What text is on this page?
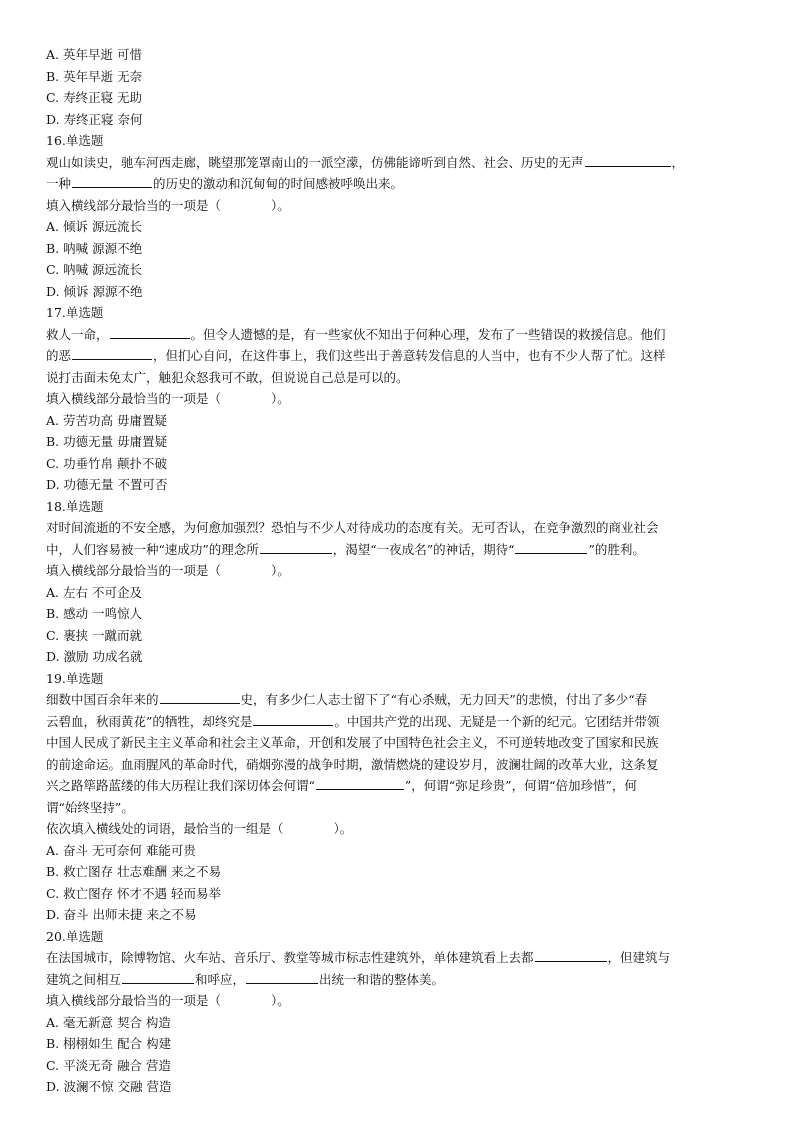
A. 英年早逝 可惜
B. 英年早逝 无奈
C. 寿终正寝 无助
D. 寿终正寝 奈何
16.单选题
观山如读史，驰车河西走廊，眺望那笼罩南山的一派空濛，仿佛能谛听到自然、社会、历史的无声	，
一种	的历史的激动和沉甸甸的时间感被呼唤出来。
填入横线部分最恰当的一项是（　　　　）。
A. 倾诉 源远流长
B. 呐喊 源源不绝
C. 呐喊 源远流长
D. 倾诉 源源不绝
17.单选题
救人一命，	。但令人遗憾的是，有一些家伙不知出于何种心理，发布了一些错误的救援信息。他们
的恶	，但扪心自问，在这件事上，我们这些出于善意转发信息的人当中，也有不少人帮了忙。这样
说打击面未免太广，触犯众怒我可不敢，但说说自己总是可以的。
填入横线部分最恰当的一项是（　　　　）。
A. 劳苦功高 毋庸置疑
B. 功德无量 毋庸置疑
C. 功垂竹帛 颠扑不破
D. 功德无量 不置可否
18.单选题
对时间流逝的不安全感，为何愈加强烈？恐怕与不少人对待成功的态度有关。无可否认，在竞争激烈的商业社会
中，人们容易被一种“速成功”的理念所	，渴望“一夜成名”的神话，期待“	”的胜利。
填入横线部分最恰当的一项是（　　　　）。
A. 左右 不可企及
B. 感动 一鸣惊人
C. 裹挟 一蹴而就
D. 激励 功成名就
19.单选题
细数中国百余年来的	史，有多少仁人志士留下了“有心杀贼，无力回天”的悲愤，付出了多少“春
云碧血，秋雨黄花”的牺牲，却终究是	。中国共产党的出现、无疑是一个新的纪元。它团结并带领
中国人民成了新民主主义革命和社会主义革命，开创和发展了中国特色社会主义，不可逆转地改变了国家和民族
的前途命运。血雨腥风的革命时代，硝烟弥漫的战争时期，激情燃烧的建设岁月，波澜壮阔的改革大业，这条复
兴之路筚路蓝缕的伟大历程让我们深切体会何谓“	”，何谓“弥足珍贵”，何谓“倍加珍惜”，何
谓“始终坚持”。
依次填入横线处的词语，最恰当的一组是（　　　　）。
A. 奋斗 无可奈何 难能可贵
B. 救亡图存 壮志难酬 来之不易
C. 救亡图存 怀才不遇 轻而易举
D. 奋斗 出师未捷 来之不易
20.单选题
在法国城市，除博物馆、火车站、音乐厅、教堂等城市标志性建筑外，单体建筑看上去都	，但建筑与
建筑之间相互	和呼应，	出统一和谐的整体美。
填入横线部分最恰当的一项是（　　　　）。
A. 毫无新意 契合 构造
B. 栩栩如生 配合 构建
C. 平淡无奇 融合 营造
D. 波澜不惊 交融 营造
